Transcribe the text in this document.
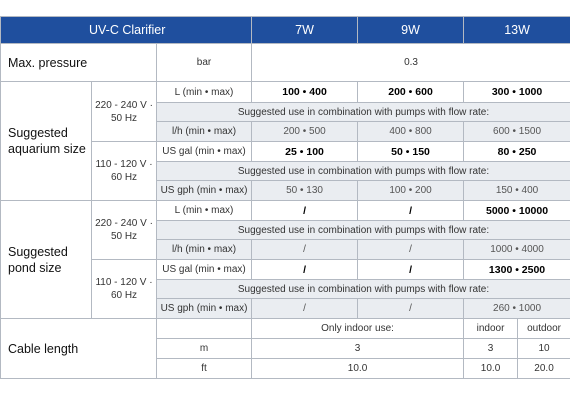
UV-C Clarifier			7W	9W	13W	
Max. pressure		bar	0.3			
Suggested aquarium size	220 - 240 V · 50 Hz	L (min • max)	100 • 400	200 • 600	300 • 1000	
		Suggested use in combination with pumps with flow rate:				
		l/h (min • max)	200 • 500	400 • 800	600 • 1500	
	110 - 120 V · 60 Hz	US gal (min • max)	25 • 100	50 • 150	80 • 250	
		Suggested use in combination with pumps with flow rate:				
		US gph (min • max)	50 • 130	100 • 200	150 • 400	
Suggested pond size	220 - 240 V · 50 Hz	L (min • max)	/	/	5000 • 10000	
		Suggested use in combination with pumps with flow rate:				
		l/h (min • max)	/	/	1000 • 4000	
	110 - 120 V · 60 Hz	US gal (min • max)	/	/	1300 • 2500	
		Suggested use in combination with pumps with flow rate:				
		US gph (min • max)	/	/	260 • 1000	
Cable length			Only indoor use:		indoor	outdoor
		m	3		3	10
		ft	10.0		10.0	20.0
